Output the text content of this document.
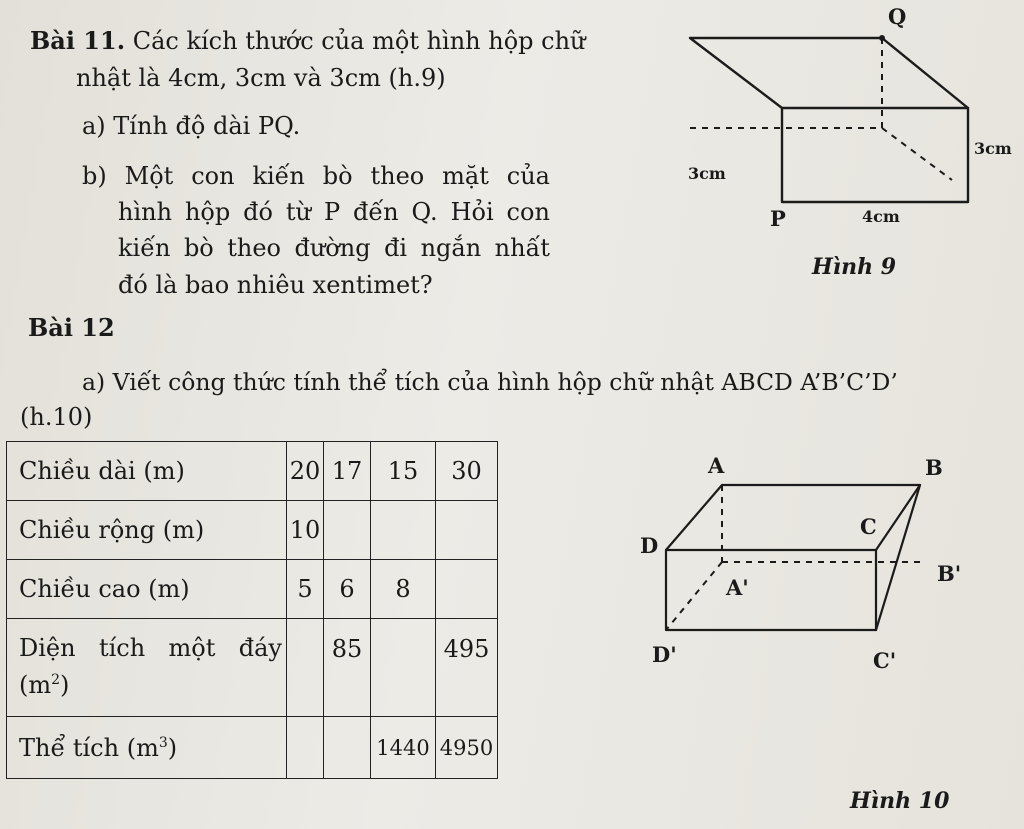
Bài 11. Các kích thước của một hình hộp chữ
nhật là 4cm, 3cm và 3cm (h.9)
a) Tính độ dài PQ.
b) Một con kiến bò theo mặt của
hình hộp đó từ P đến Q. Hỏi con
kiến bò theo đường đi ngắn nhất
đó là bao nhiêu xentimet?
Q
P
3cm
3cm
4cm
Hình 9
Bài 12
a) Viết công thức tính thể tích của hình hộp chữ nhật ABCD A’B’C’D’
(h.10)
Chiều dài (m)	20	17	15	30
Chiều rộng (m)	10			
Chiều cao (m)	5	6	8	

Diện tích một đáy
$(m^2)$		85		495
Thể tích $(m^3)$			1440	4950
A	B
C
D
A'
B'
C'
D'
Hình 10
